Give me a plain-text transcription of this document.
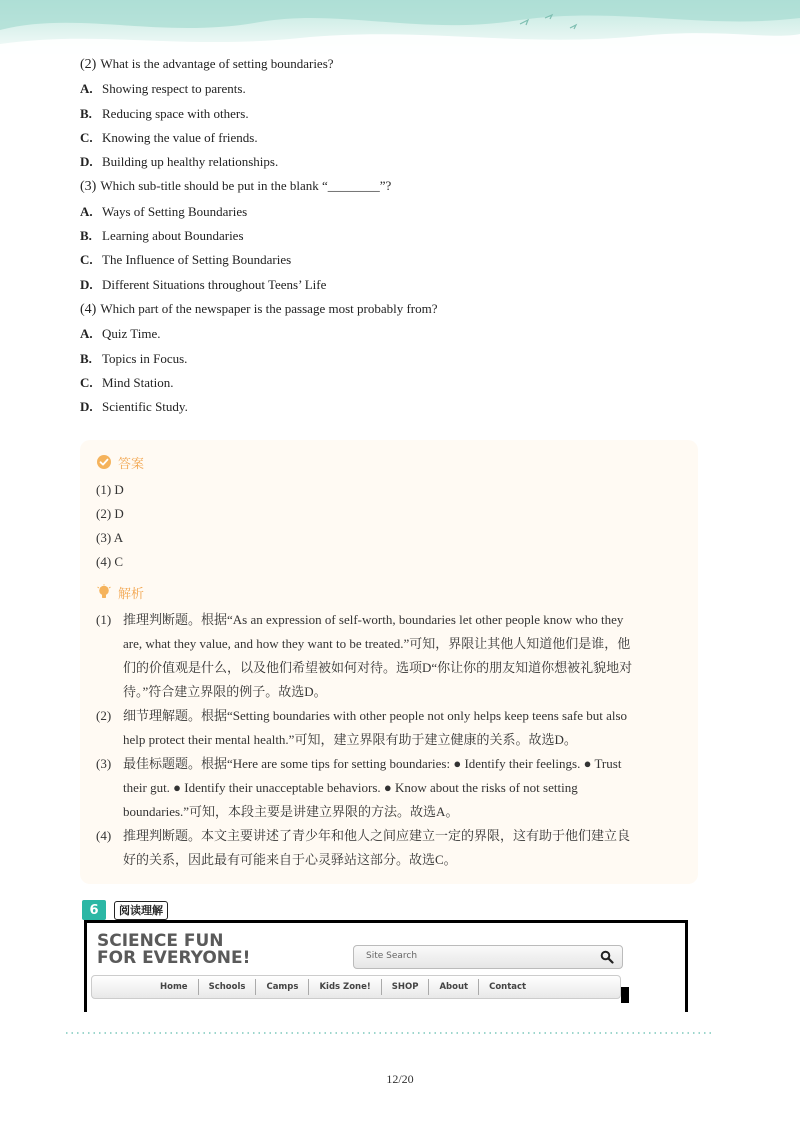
(2) What is the advantage of setting boundaries?
A. Showing respect to parents.
B. Reducing space with others.
C. Knowing the value of friends.
D. Building up healthy relationships.
(3) Which sub-title should be put in the blank “________”?
A. Ways of Setting Boundaries
B. Learning about Boundaries
C. The Influence of Setting Boundaries
D. Different Situations throughout Teens’ Life
(4) Which part of the newspaper is the passage most probably from?
A. Quiz Time.
B. Topics in Focus.
C. Mind Station.
D. Scientific Study.
答案
(1) D
(2) D
(3) A
(4) C
解析
(1) 推理判断题。根据“As an expression of self-worth, boundaries let other people know who they
are, what they value, and how they want to be treated.”可知，界限让其他人知道他们是谁，他
们的价值观是什么，以及他们希望被如何对待。选项D“你让你的朋友知道你想被礼貌地对
待。”符合建立界限的例子。故选D。
(2) 细节理解题。根据“Setting boundaries with other people not only helps keep teens safe but also
help protect their mental health.”可知，建立界限有助于建立健康的关系。故选D。
(3) 最佳标题题。根据“Here are some tips for setting boundaries: ● Identify their feelings. ● Trust
their gut. ● Identify their unacceptable behaviors. ● Know about the risks of not setting
boundaries.”可知，本段主要是讲建立界限的方法。故选A。
(4) 推理判断题。本文主要讲述了青少年和他人之间应建立一定的界限，这有助于他们建立良
好的关系，因此最有可能来自于心灵驿站这部分。故选C。
6	阅读理解
SCIENCE FUN
FOR EVERYONE!	Site Search
Home	Schools	Camps	Kids Zone!	SHOP	About	Contact
12/20
